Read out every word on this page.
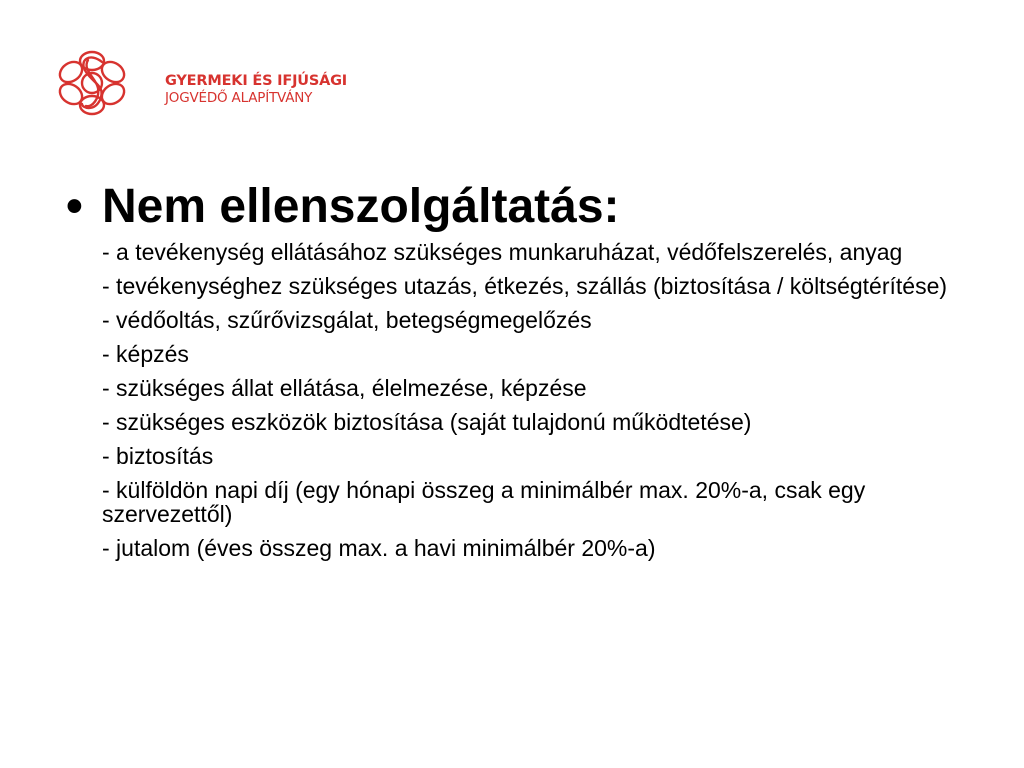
GYERMEKI ÉS IFJÚSÁGI
JOGVÉDŐ ALAPÍTVÁNY
• Nem ellenszolgáltatás:
- a tevékenység ellátásához szükséges munkaruházat, védőfelszerelés, anyag
- tevékenységhez szükséges utazás, étkezés, szállás (biztosítása / költségtérítése)
- védőoltás, szűrővizsgálat, betegségmegelőzés
- képzés
- szükséges állat ellátása, élelmezése, képzése
- szükséges eszközök biztosítása (saját tulajdonú működtetése)
- biztosítás
- külföldön napi díj (egy hónapi összeg a minimálbér max. 20%-a, csak egy szervezettől)
- jutalom (éves összeg max. a havi minimálbér 20%-a)
